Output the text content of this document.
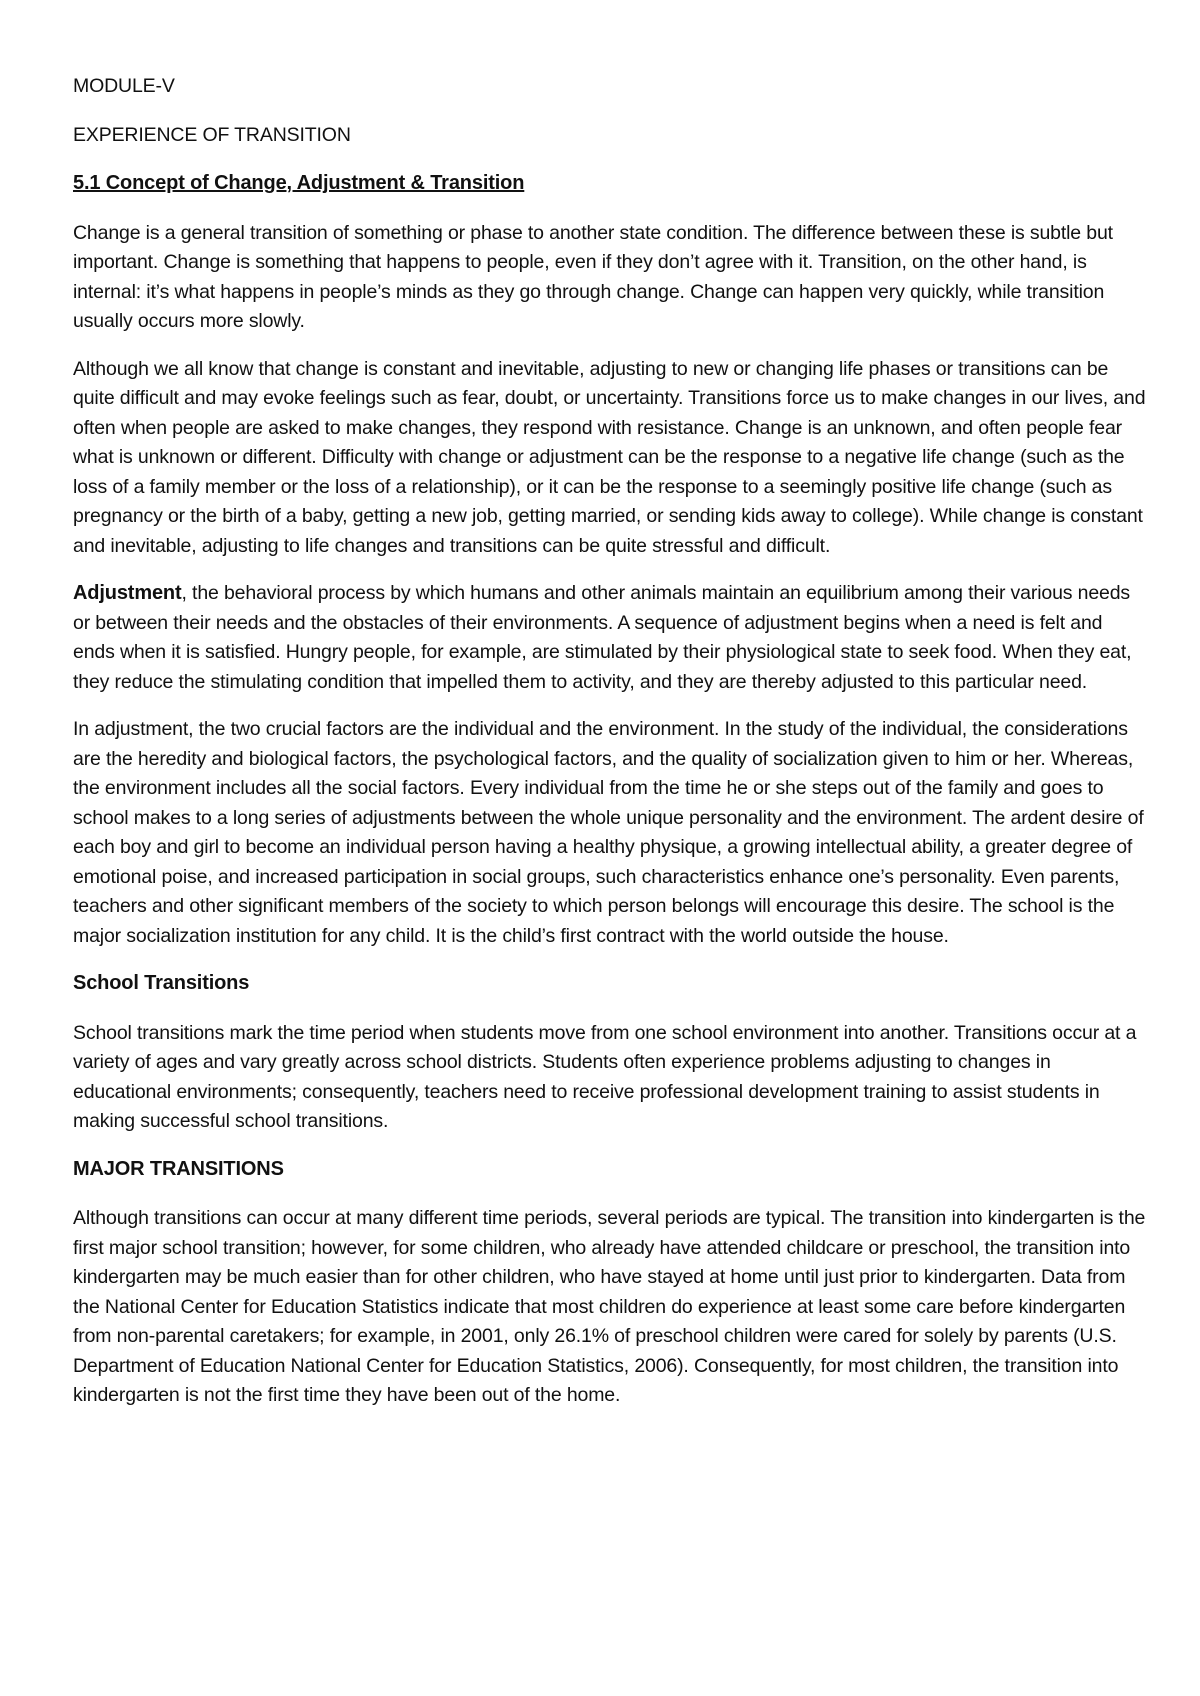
MODULE-V
EXPERIENCE OF TRANSITION
5.1 Concept of Change, Adjustment & Transition

Change is a general transition of something or phase to another state condition. The difference between these is subtle but important. Change is something that happens to people, even if they don’t agree with it. Transition, on the other hand, is internal: it’s what happens in people’s minds as they go through change. Change can happen very quickly, while transition usually occurs more slowly.

Although we all know that change is constant and inevitable, adjusting to new or changing life phases or transitions can be quite difficult and may evoke feelings such as fear, doubt, or uncertainty. Transitions force us to make changes in our lives, and often when people are asked to make changes, they respond with resistance. Change is an unknown, and often people fear what is unknown or different. Difficulty with change or adjustment can be the response to a negative life change (such as the loss of a family member or the loss of a relationship), or it can be the response to a seemingly positive life change (such as pregnancy or the birth of a baby, getting a new job, getting married, or sending kids away to college). While change is constant and inevitable, adjusting to life changes and transitions can be quite stressful and difficult.

Adjustment, the behavioral process by which humans and other animals maintain an equilibrium among their various needs or between their needs and the obstacles of their environments. A sequence of adjustment begins when a need is felt and ends when it is satisfied. Hungry people, for example, are stimulated by their physiological state to seek food. When they eat, they reduce the stimulating condition that impelled them to activity, and they are thereby adjusted to this particular need.

In adjustment, the two crucial factors are the individual and the environment. In the study of the individual, the considerations are the heredity and biological factors, the psychological factors, and the quality of socialization given to him or her. Whereas, the environment includes all the social factors. Every individual from the time he or she steps out of the family and goes to school makes to a long series of adjustments between the whole unique personality and the environment. The ardent desire of each boy and girl to become an individual person having a healthy physique, a growing intellectual ability, a greater degree of emotional poise, and increased participation in social groups, such characteristics enhance one’s personality. Even parents, teachers and other significant members of the society to which person belongs will encourage this desire. The school is the major socialization institution for any child. It is the child’s first contract with the world outside the house.

School Transitions

School transitions mark the time period when students move from one school environment into another. Transitions occur at a variety of ages and vary greatly across school districts. Students often experience problems adjusting to changes in educational environments; consequently, teachers need to receive professional development training to assist students in making successful school transitions.

MAJOR TRANSITIONS

Although transitions can occur at many different time periods, several periods are typical. The transition into kindergarten is the first major school transition; however, for some children, who already have attended childcare or preschool, the transition into kindergarten may be much easier than for other children, who have stayed at home until just prior to kindergarten. Data from the National Center for Education Statistics indicate that most children do experience at least some care before kindergarten from non-parental caretakers; for example, in 2001, only 26.1% of preschool children were cared for solely by parents (U.S. Department of Education National Center for Education Statistics, 2006). Consequently, for most children, the transition into kindergarten is not the first time they have been out of the home.
